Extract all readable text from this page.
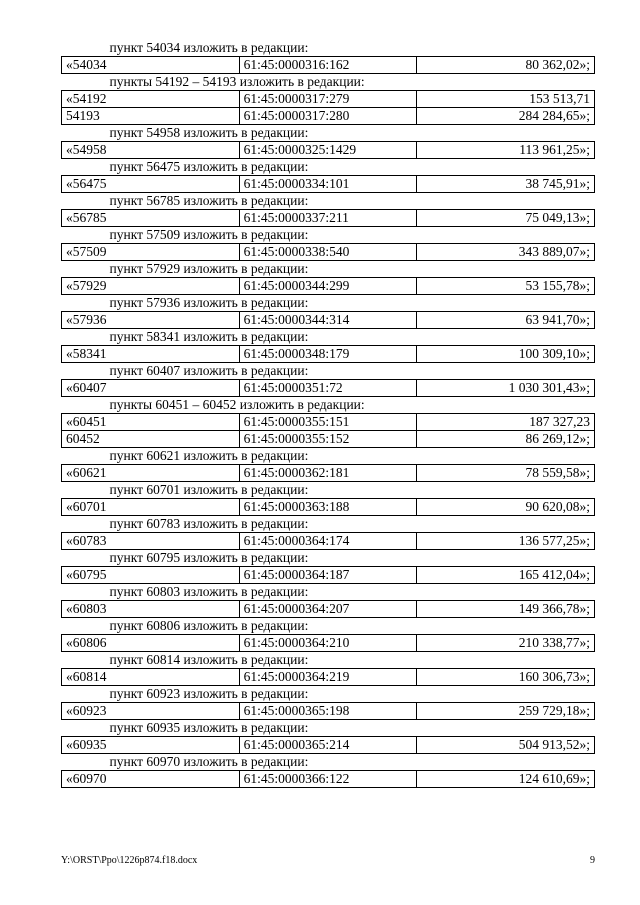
пункт 54034 изложить в редакции:		
«54034	61:45:0000316:162	80 362,02»;
пункты 54192 – 54193 изложить в редакции:		
«54192	61:45:0000317:279	153 513,71
54193	61:45:0000317:280	284 284,65»;
пункт 54958 изложить в редакции:		
«54958	61:45:0000325:1429	113 961,25»;
пункт 56475 изложить в редакции:		
«56475	61:45:0000334:101	38 745,91»;
пункт 56785 изложить в редакции:		
«56785	61:45:0000337:211	75 049,13»;
пункт 57509 изложить в редакции:		
«57509	61:45:0000338:540	343 889,07»;
пункт 57929 изложить в редакции:		
«57929	61:45:0000344:299	53 155,78»;
пункт 57936 изложить в редакции:		
«57936	61:45:0000344:314	63 941,70»;
пункт 58341 изложить в редакции:		
«58341	61:45:0000348:179	100 309,10»;
пункт 60407 изложить в редакции:		
«60407	61:45:0000351:72	1 030 301,43»;
пункты 60451 – 60452 изложить в редакции:		
«60451	61:45:0000355:151	187 327,23
60452	61:45:0000355:152	86 269,12»;
пункт 60621 изложить в редакции:		
«60621	61:45:0000362:181	78 559,58»;
пункт 60701 изложить в редакции:		
«60701	61:45:0000363:188	90 620,08»;
пункт 60783 изложить в редакции:		
«60783	61:45:0000364:174	136 577,25»;
пункт 60795 изложить в редакции:		
«60795	61:45:0000364:187	165 412,04»;
пункт 60803 изложить в редакции:		
«60803	61:45:0000364:207	149 366,78»;
пункт 60806 изложить в редакции:		
«60806	61:45:0000364:210	210 338,77»;
пункт 60814 изложить в редакции:		
«60814	61:45:0000364:219	160 306,73»;
пункт 60923 изложить в редакции:		
«60923	61:45:0000365:198	259 729,18»;
пункт 60935 изложить в редакции:		
«60935	61:45:0000365:214	504 913,52»;
пункт 60970 изложить в редакции:		
«60970	61:45:0000366:122	124 610,69»;
Y:\ORST\Ppo\1226p874.f18.docx	9
